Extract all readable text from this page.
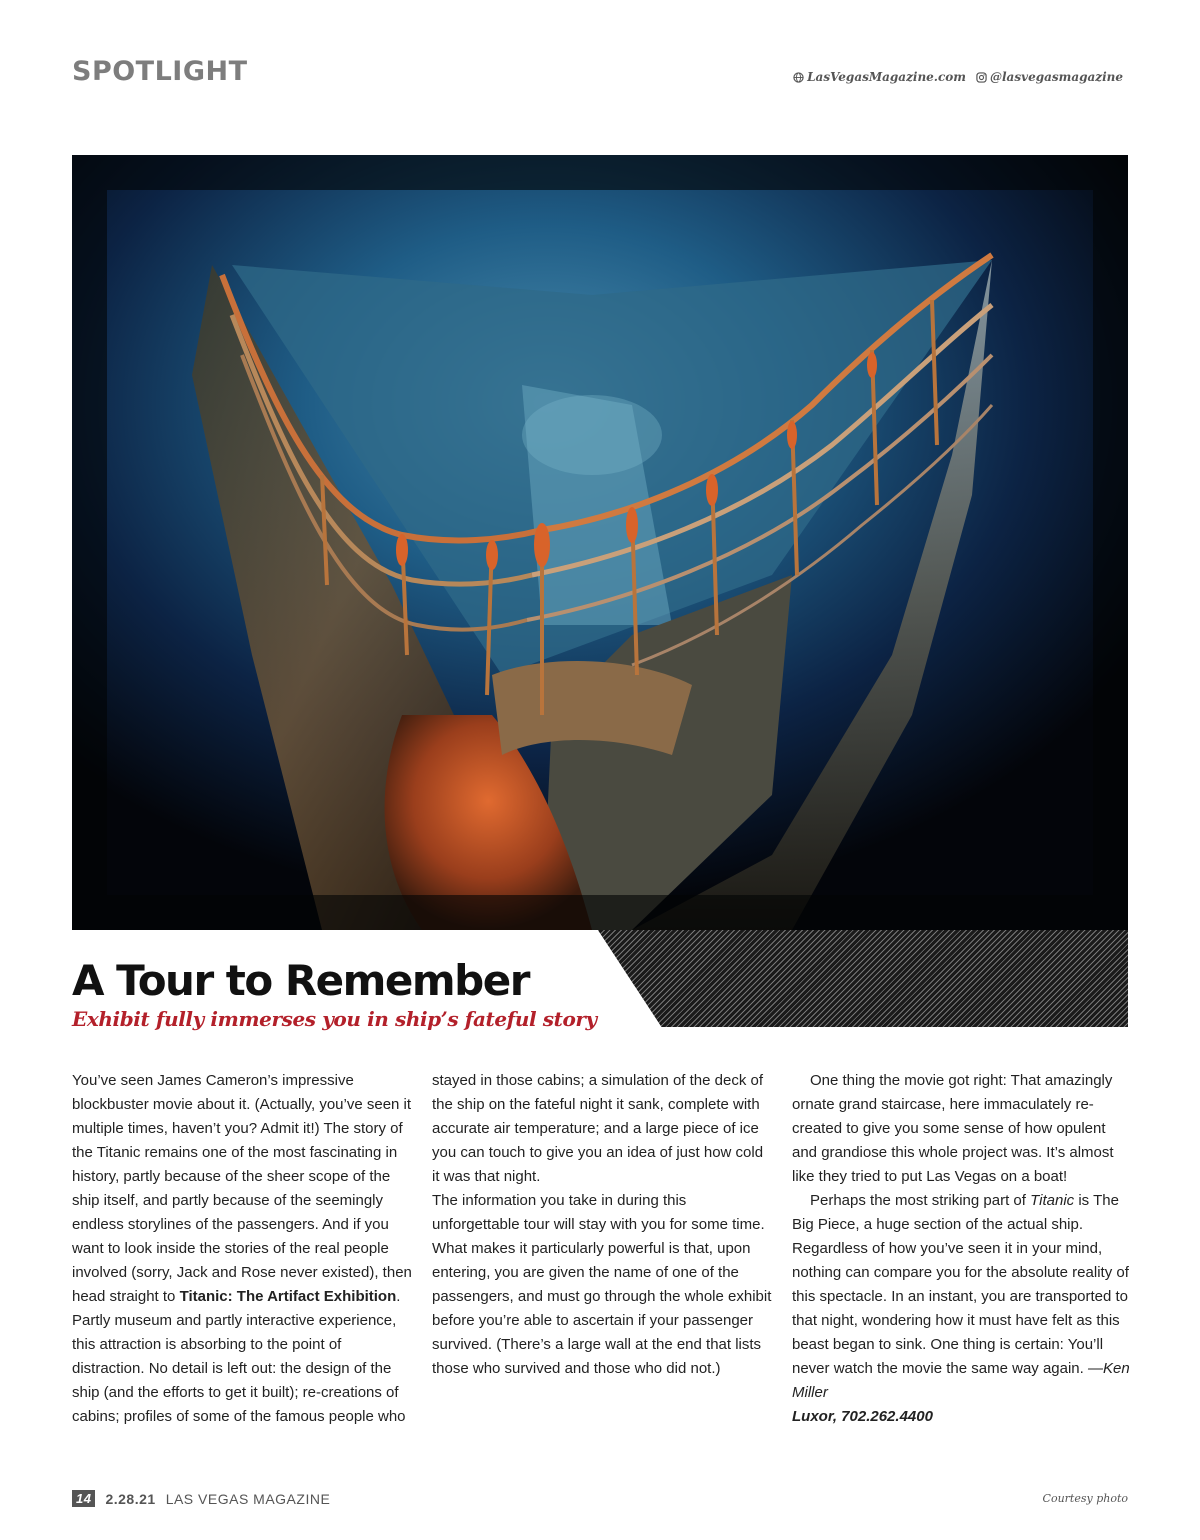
SPOTLIGHT	LasVegasMagazine.com @lasvegasmagazine
A Tour to Remember
Exhibit fully immerses you in ship’s fateful story

One thing the movie got right: That amazingly ornate grand staircase, here immaculately re-created to give you some sense of how opulent and grandiose this whole project was. It’s almost like they tried to put Las Vegas on a boat!

Perhaps the most striking part of Titanic is The Big Piece, a huge section of the actual ship. Regardless of how you’ve seen it in your mind, nothing can compare you for the absolute reality of this spectacle. In an instant, you are transported to that night, wondering how it must have felt as this beast began to sink. One thing is certain: You’ll never watch the movie the same way again. —Ken Miller

Luxor, 702.262.4400

14 2.28.21 LAS VEGAS MAGAZINE	Courtesy photo

You’ve seen James Cameron’s impressive blockbuster movie about it. (Actually, you’ve seen it multiple times, haven’t you? Admit it!) The story of the Titanic remains one of the most fascinating in history, partly because of the sheer scope of the ship itself, and partly because of the seemingly endless storylines of the passengers. And if you want to look inside the stories of the real people involved (sorry, Jack and Rose never existed), then head straight to Titanic: The Artifact Exhibition.

Partly museum and partly interactive experience, this attraction is absorbing to the point of distraction. No detail is left out: the design of the ship (and the efforts to get it built); re-creations of cabins; profiles of some of the famous people who stayed in those cabins; a simulation of the deck of the ship on the fateful night it sank, complete with accurate air temperature; and a large piece of ice you can touch to give you an idea of just how cold it was that night.

The information you take in during this unforgettable tour will stay with you for some time. What makes it particularly powerful is that, upon entering, you are given the name of one of the passengers, and must go through the whole exhibit before you’re able to ascertain if your passenger survived. (There’s a large wall at the end that lists those who survived and those who did not.)
